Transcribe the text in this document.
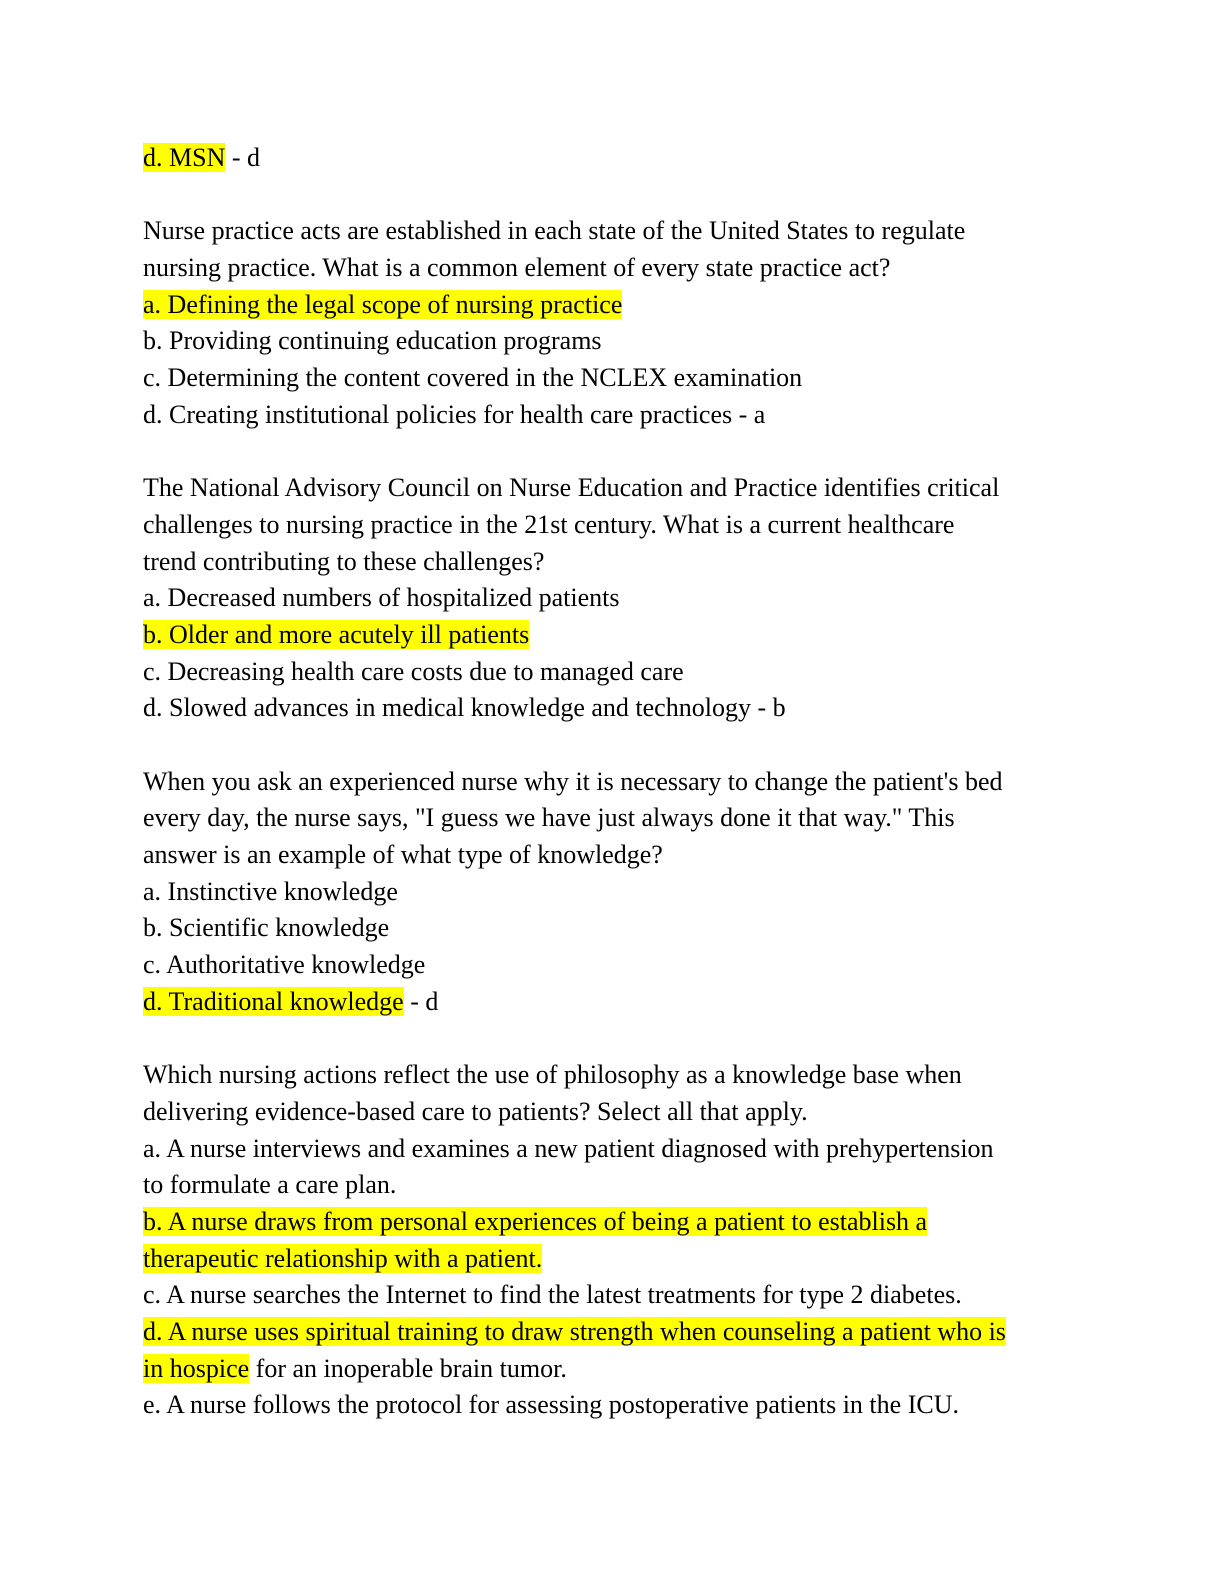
d. MSN - d
Nurse practice acts are established in each state of the United States to regulate
nursing practice. What is a common element of every state practice act?
a. Defining the legal scope of nursing practice
b. Providing continuing education programs
c. Determining the content covered in the NCLEX examination
d. Creating institutional policies for health care practices - a
The National Advisory Council on Nurse Education and Practice identifies critical
challenges to nursing practice in the 21st century. What is a current healthcare
trend contributing to these challenges?
a. Decreased numbers of hospitalized patients
b. Older and more acutely ill patients
c. Decreasing health care costs due to managed care
d. Slowed advances in medical knowledge and technology - b
When you ask an experienced nurse why it is necessary to change the patient's bed
every day, the nurse says, "I guess we have just always done it that way." This
answer is an example of what type of knowledge?
a. Instinctive knowledge
b. Scientific knowledge
c. Authoritative knowledge
d. Traditional knowledge - d
Which nursing actions reflect the use of philosophy as a knowledge base when
delivering evidence-based care to patients? Select all that apply.
a. A nurse interviews and examines a new patient diagnosed with prehypertension
to formulate a care plan.
b. A nurse draws from personal experiences of being a patient to establish a
therapeutic relationship with a patient.
c. A nurse searches the Internet to find the latest treatments for type 2 diabetes.
d. A nurse uses spiritual training to draw strength when counseling a patient who is
in hospice for an inoperable brain tumor.
e. A nurse follows the protocol for assessing postoperative patients in the ICU.
